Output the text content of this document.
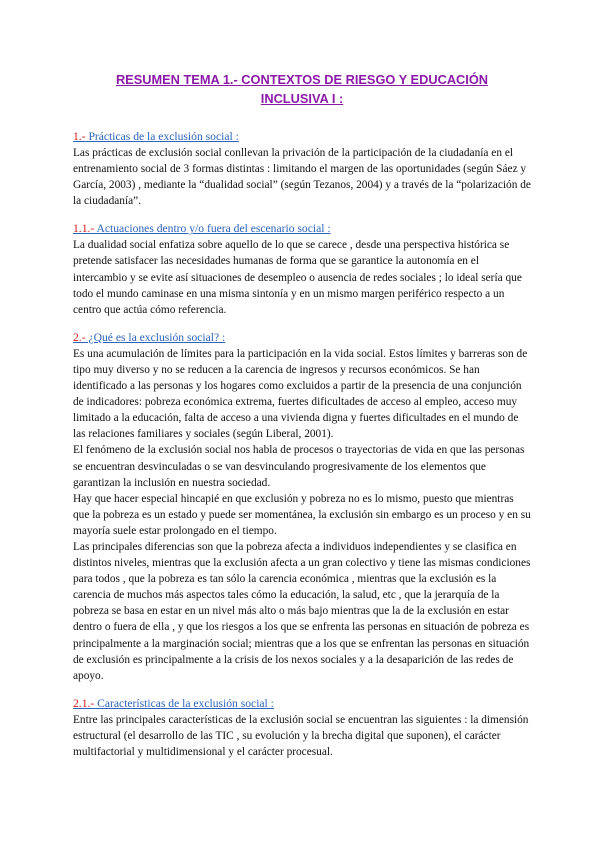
RESUMEN TEMA 1.- CONTEXTOS DE RIESGO Y EDUCACIÓN
INCLUSIVA I :

1.- Prácticas de la exclusión social :

Las prácticas de exclusión social conllevan la privación de la participación de la ciudadanía en el entrenamiento social de 3 formas distintas : limitando el margen de las oportunidades (según Sáez y García, 2003) , mediante la “dualidad social” (según Tezanos, 2004) y a través de la “polarización de la ciudadanía”.

1.1.- Actuaciones dentro y/o fuera del escenario social :

La dualidad social enfatiza sobre aquello de lo que se carece , desde una perspectiva histórica se pretende satisfacer las necesidades humanas de forma que se garantice la autonomía en el intercambio y se evite así situaciones de desempleo o ausencia de redes sociales ; lo ideal sería que todo el mundo caminase en una misma sintonía y en un mismo margen periférico respecto a un centro que actúa cómo referencia.

2.- ¿Qué es la exclusión social? :

Es una acumulación de límites para la participación en la vida social. Estos límites y barreras son de tipo muy diverso y no se reducen a la carencia de ingresos y recursos económicos. Se han identificado a las personas y los hogares como excluidos a partir de la presencia de una conjunción de indicadores: pobreza económica extrema, fuertes dificultades de acceso al empleo, acceso muy limitado a la educación, falta de acceso a una vivienda digna y fuertes dificultades en el mundo de las relaciones familiares y sociales (según Liberal, 2001).

El fenómeno de la exclusión social nos habla de procesos o trayectorias de vida en que las personas se encuentran desvinculadas o se van desvinculando progresivamente de los elementos que garantizan la inclusión en nuestra sociedad.

Hay que hacer especial hincapié en que exclusión y pobreza no es lo mismo, puesto que mientras que la pobreza es un estado y puede ser momentánea, la exclusión sin embargo es un proceso y en su mayoría suele estar prolongado en el tiempo.

Las principales diferencias son que la pobreza afecta a individuos independientes y se clasifica en distintos niveles, mientras que la exclusión afecta a un gran colectivo y tiene las mismas condiciones para todos , que la pobreza es tan sólo la carencia económica , mientras que la exclusión es la carencia de muchos más aspectos tales cómo la educación, la salud, etc , que la jerarquía de la pobreza se basa en estar en un nivel más alto o más bajo mientras que la de la exclusión en estar dentro o fuera de ella , y que los riesgos a los que se enfrenta las personas en situación de pobreza es principalmente a la marginación social; mientras que a los que se enfrentan las personas en situación de exclusión es principalmente a la crisis de los nexos sociales y a la desaparición de las redes de apoyo.

2.1.- Características de la exclusión social :

Entre las principales características de la exclusión social se encuentran las siguientes : la dimensión estructural (el desarrollo de las TIC , su evolución y la brecha digital que suponen), el carácter multifactorial y multidimensional y el carácter procesual.
